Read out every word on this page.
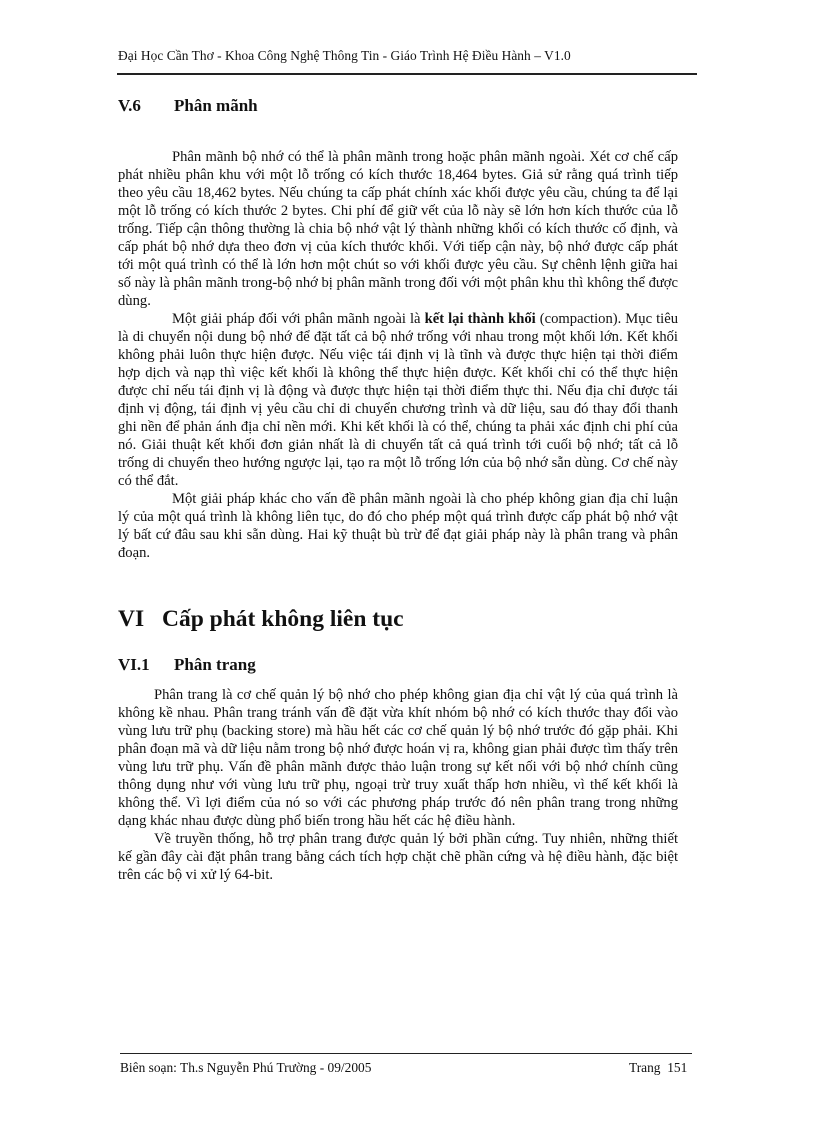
Đại Học Cần Thơ - Khoa Công Nghệ Thông Tin - Giáo Trình Hệ Điều Hành – V1.0
V.6 Phân mãnh

Phân mãnh bộ nhớ có thể là phân mãnh trong hoặc phân mãnh ngoài. Xét cơ chế cấp phát nhiều phân khu với một lỗ trống có kích thước 18,464 bytes. Giả sử rằng quá trình tiếp theo yêu cầu 18,462 bytes. Nếu chúng ta cấp phát chính xác khối được yêu cầu, chúng ta để lại một lỗ trống có kích thước 2 bytes. Chi phí để giữ vết của lỗ này sẽ lớn hơn kích thước của lỗ trống. Tiếp cận thông thường là chia bộ nhớ vật lý thành những khối có kích thước cố định, và cấp phát bộ nhớ dựa theo đơn vị của kích thước khối. Với tiếp cận này, bộ nhớ được cấp phát tới một quá trình có thể là lớn hơn một chút so với khối được yêu cầu. Sự chênh lệnh giữa hai số này là phân mãnh trong-bộ nhớ bị phân mãnh trong đối với một phân khu thì không thể được dùng.

Một giải pháp đối với phân mãnh ngoài là kết lại thành khối (compaction). Mục tiêu là di chuyển nội dung bộ nhớ để đặt tất cả bộ nhớ trống với nhau trong một khối lớn. Kết khối không phải luôn thực hiện được. Nếu việc tái định vị là tĩnh và được thực hiện tại thời điểm hợp dịch và nạp thì việc kết khối là không thể thực hiện được. Kết khối chỉ có thể thực hiện được chỉ nếu tái định vị là động và được thực hiện tại thời điểm thực thi. Nếu địa chỉ được tái định vị động, tái định vị yêu cầu chỉ di chuyển chương trình và dữ liệu, sau đó thay đổi thanh ghi nền để phản ánh địa chỉ nền mới. Khi kết khối là có thể, chúng ta phải xác định chi phí của nó. Giải thuật kết khối đơn giản nhất là di chuyển tất cả quá trình tới cuối bộ nhớ; tất cả lỗ trống di chuyển theo hướng ngược lại, tạo ra một lỗ trống lớn của bộ nhớ sẵn dùng. Cơ chế này có thể đắt.

Một giải pháp khác cho vấn đề phân mãnh ngoài là cho phép không gian địa chỉ luận lý của một quá trình là không liên tục, do đó cho phép một quá trình được cấp phát bộ nhớ vật lý bất cứ đâu sau khi sẵn dùng. Hai kỹ thuật bù trừ để đạt giải pháp này là phân trang và phân đoạn.

VI Cấp phát không liên tục
VI.1 Phân trang

Phân trang là cơ chế quản lý bộ nhớ cho phép không gian địa chỉ vật lý của quá trình là không kề nhau. Phân trang tránh vấn đề đặt vừa khít nhóm bộ nhớ có kích thước thay đổi vào vùng lưu trữ phụ (backing store) mà hầu hết các cơ chế quản lý bộ nhớ trước đó gặp phải. Khi phân đoạn mã và dữ liệu nằm trong bộ nhớ được hoán vị ra, không gian phải được tìm thấy trên vùng lưu trữ phụ. Vấn đề phân mãnh được thảo luận trong sự kết nối với bộ nhớ chính cũng thông dụng như với vùng lưu trữ phụ, ngoại trừ truy xuất thấp hơn nhiều, vì thế kết khối là không thể. Vì lợi điểm của nó so với các phương pháp trước đó nên phân trang trong những dạng khác nhau được dùng phổ biến trong hầu hết các hệ điều hành.

Về truyền thống, hỗ trợ phân trang được quản lý bởi phần cứng. Tuy nhiên, những thiết kế gần đây cài đặt phân trang bằng cách tích hợp chặt chẽ phần cứng và hệ điều hành, đặc biệt trên các bộ vi xử lý 64-bit.

Biên soạn: Th.s Nguyễn Phú Trường - 09/2005	Trang 151
